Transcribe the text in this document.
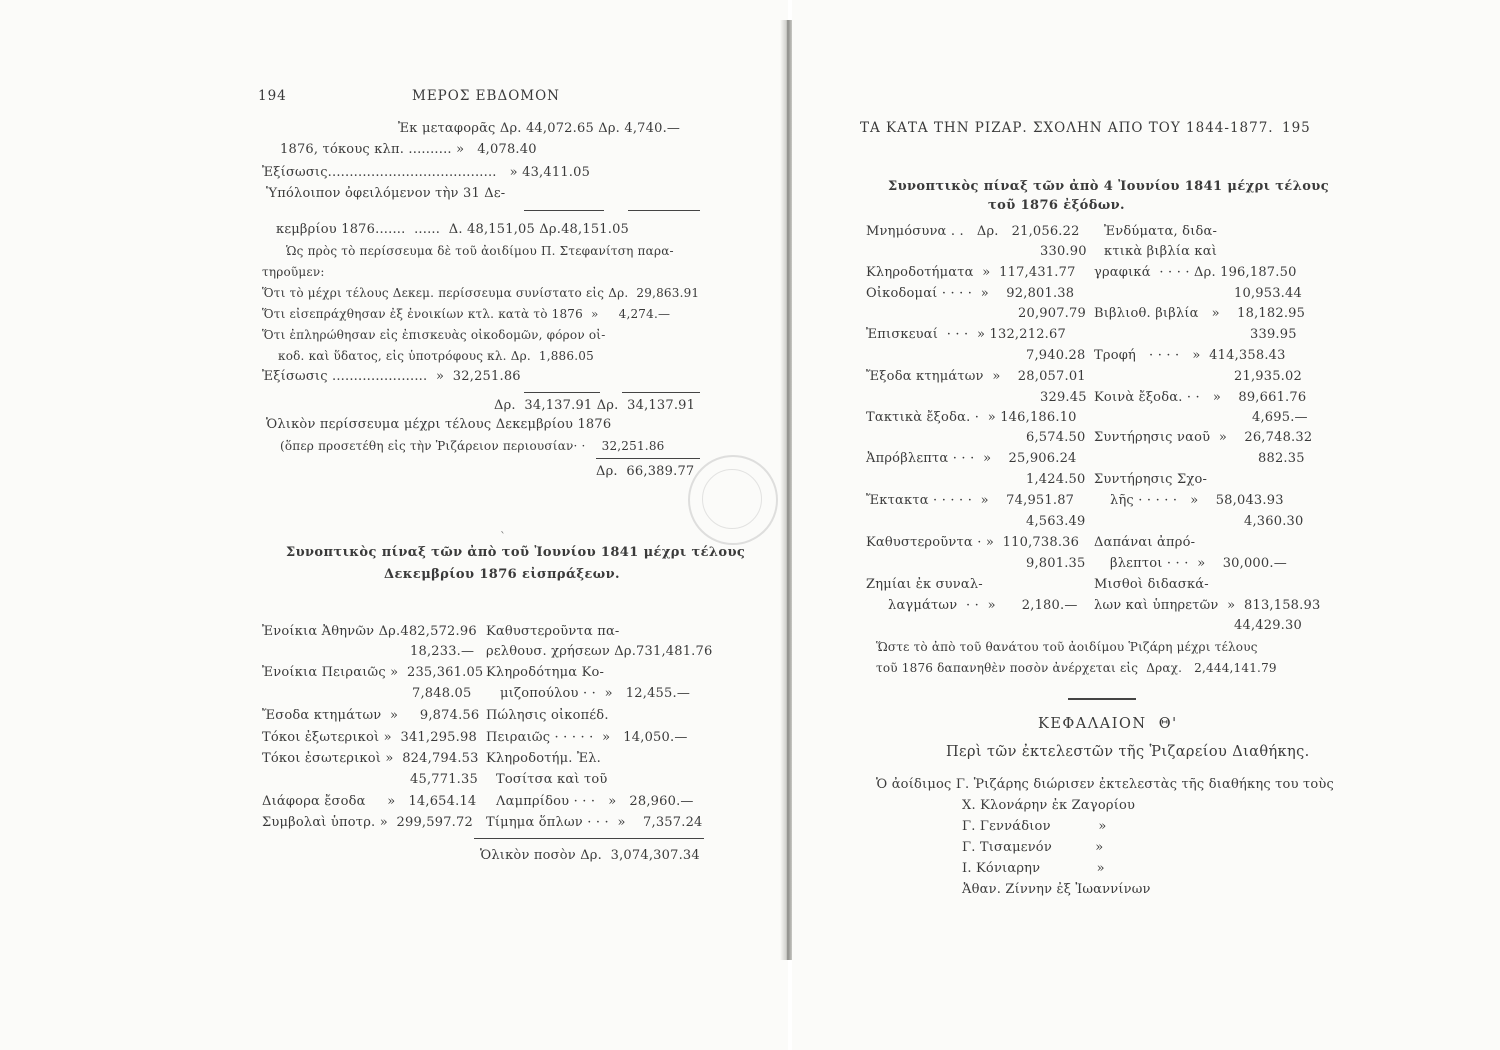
194	ΜΕΡΟΣ ΕΒΔΟΜΟΝ
Ἐκ μεταφορᾶς Δρ. 44,072.65 Δρ. 4,740.—
1876, τόκους κλπ. .......... »   4,078.40
Ἐξίσωσις.......................................   » 43,411.05
Ὑπόλοιπον ὀφειλόμενον τὴν 31 Δε-
κεμβρίου 1876.......  ......  Δ. 48,151,05 Δρ.48,151.05
Ὡς πρὸς τὸ περίσσευμα δὲ τοῦ ἀοιδίμου Π. Στεφανίτση παρα-
τηροῦμεν:
Ὅτι τὸ μέχρι τέλους Δεκεμ. περίσσευμα συνίστατο εἰς Δρ.  29,863.91
Ὅτι εἰσεπράχθησαν ἐξ ἐνοικίων κτλ. κατὰ τὸ 1876  »     4,274.—
Ὅτι ἐπληρώθησαν εἰς ἐπισκευὰς οἰκοδομῶν, φόρον οἰ-
κοδ. καὶ ὕδατος, εἰς ὑποτρόφους κλ. Δρ.  1,886.05
Ἐξίσωσις ......................  »  32,251.86
Δρ.  34,137.91 Δρ.  34,137.91
Ὁλικὸν περίσσευμα μέχρι τέλους Δεκεμβρίου 1876
(ὅπερ προσετέθη εἰς τὴν Ῥιζάρειον περιουσίαν· ·    32,251.86
Δρ.  66,389.77
ˋ
Συνοπτικὸς πίναξ τῶν ἀπὸ τοῦ Ἰουνίου 1841 μέχρι τέλους
Δεκεμβρίου 1876 εἰσπράξεων.
Ἐνοίκια Ἀθηνῶν Δρ.482,572.96
18,233.—
Ἐνοίκια Πειραιῶς »  235,361.05
7,848.05
Ἔσοδα κτημάτων  »     9,874.56
Τόκοι ἐξωτερικοὶ »  341,295.98
Τόκοι ἐσωτερικοὶ »  824,794.53
45,771.35
Διάφορα ἔσοδα     »   14,654.14
Συμβολαὶ ὑποτρ. »  299,597.72
Καθυστεροῦντα πα-
ρελθουσ. χρήσεων Δρ.731,481.76
Κληροδότημα Κο-
μιζοπούλου · ·  »   12,455.—
Πώλησις οἰκοπέδ.
Πειραιῶς · · · · ·  »   14,050.—
Κληροδοτήμ. Ἐλ.
Τοσίτσα καὶ τοῦ
Λαμπρίδου · · ·   »   28,960.—
Τίμημα ὅπλων · · ·  »    7,357.24
Ὁλικὸν ποσὸν Δρ.  3,074,307.34
ΤΑ ΚΑΤΑ ΤΗΝ ΡΙΖΑΡ. ΣΧΟΛΗΝ ΑΠΟ ΤΟΥ 1844-1877. 195
Συνοπτικὸς πίναξ τῶν ἀπὸ 4 Ἰουνίου 1841 μέχρι τέλους
τοῦ 1876 ἐξόδων.
Μνημόσυνα . .   Δρ.   21,056.22
330.90
Κληροδοτήματα  »  117,431.77
Οἰκοδομαί · · · ·  »    92,801.38
20,907.79
Ἐπισκευαί  · · ·  » 132,212.67
7,940.28
Ἔξοδα κτημάτων  »    28,057.01
329.45
Τακτικὰ ἔξοδα. ·  » 146,186.10
6,574.50
Ἀπρόβλεπτα · · ·  »    25,906.24
1,424.50
Ἔκτακτα · · · · ·  »    74,951.87
4,563.49
Καθυστεροῦντα · »  110,738.36
9,801.35
Ζημίαι ἐκ συναλ-
λαγμάτων  · ·  »      2,180.—
Ἐνδύματα, διδα-
κτικὰ βιβλία καὶ
γραφικά  · · · · Δρ. 196,187.50
10,953.44
Βιβλιοθ. βιβλία   »    18,182.95
339.95
Τροφή   · · · ·   »  414,358.43
21,935.02
Κοινὰ ἔξοδα. · ·   »    89,661.76
4,695.—
Συντήρησις ναοῦ  »    26,748.32
882.35
Συντήρησις Σχο-
λῆς · · · · ·   »    58,043.93
4,360.30
Δαπάναι ἀπρό-
βλεπτοι · · ·  »    30,000.—
Μισθοὶ διδασκά-
λων καὶ ὑπηρετῶν  »  813,158.93
44,429.30
Ὥστε τὸ ἀπὸ τοῦ θανάτου τοῦ ἀοιδίμου Ῥιζάρη μέχρι τέλους
τοῦ 1876 δαπανηθὲν ποσὸν ἀνέρχεται εἰς  Δραχ.   2,444,141.79
ΚΕΦΑΛΑΙΟΝ  Θ'
Περὶ τῶν ἐκτελεστῶν τῆς Ῥιζαρείου Διαθήκης.
Ὁ ἀοίδιμος Γ. Ῥιζάρης διώρισεν ἐκτελεστὰς τῆς διαθήκης του τοὺς
Χ. Κλονάρην ἐκ Ζαγορίου
Γ. Γεννάδιον           »
Γ. Τισαμενόν          »
Ι. Κόνιαρην             »
Ἀθαν. Ζίννην ἐξ Ἰωαννίνων
